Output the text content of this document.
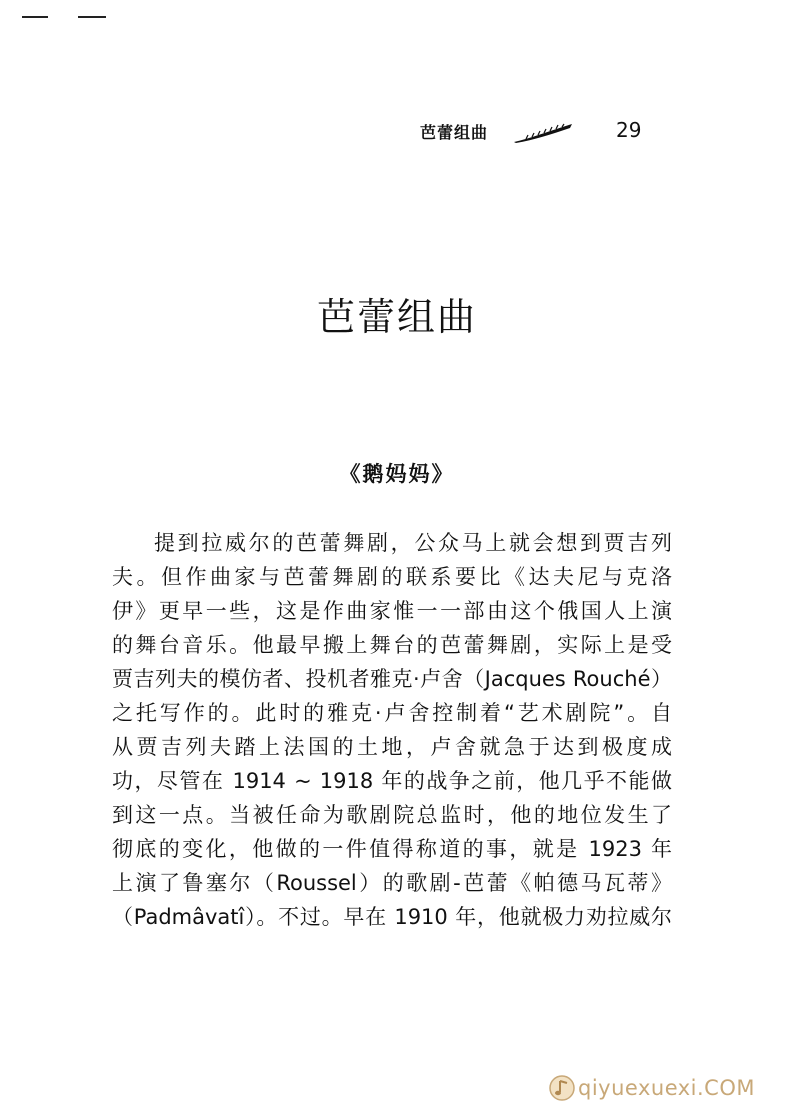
芭蕾组曲	29
芭蕾组曲
《鹅妈妈》
提到拉威尔的芭蕾舞剧，公众马上就会想到贾吉列
夫。但作曲家与芭蕾舞剧的联系要比《达夫尼与克洛
伊》更早一些，这是作曲家惟一一部由这个俄国人上演
的舞台音乐。他最早搬上舞台的芭蕾舞剧，实际上是受
贾吉列夫的模仿者、投机者雅克·卢舍（Jacques Rouché）
之托写作的。此时的雅克·卢舍控制着“艺术剧院”。自
从贾吉列夫踏上法国的土地，卢舍就急于达到极度成
功，尽管在 1914 ~ 1918 年的战争之前，他几乎不能做
到这一点。当被任命为歌剧院总监时，他的地位发生了
彻底的变化，他做的一件值得称道的事，就是 1923 年
上演了鲁塞尔（Roussel）的歌剧-芭蕾《帕德马瓦蒂》
（Padmâvatî）。不过。早在 1910 年，他就极力劝拉威尔
qiyuexuexi.COM
